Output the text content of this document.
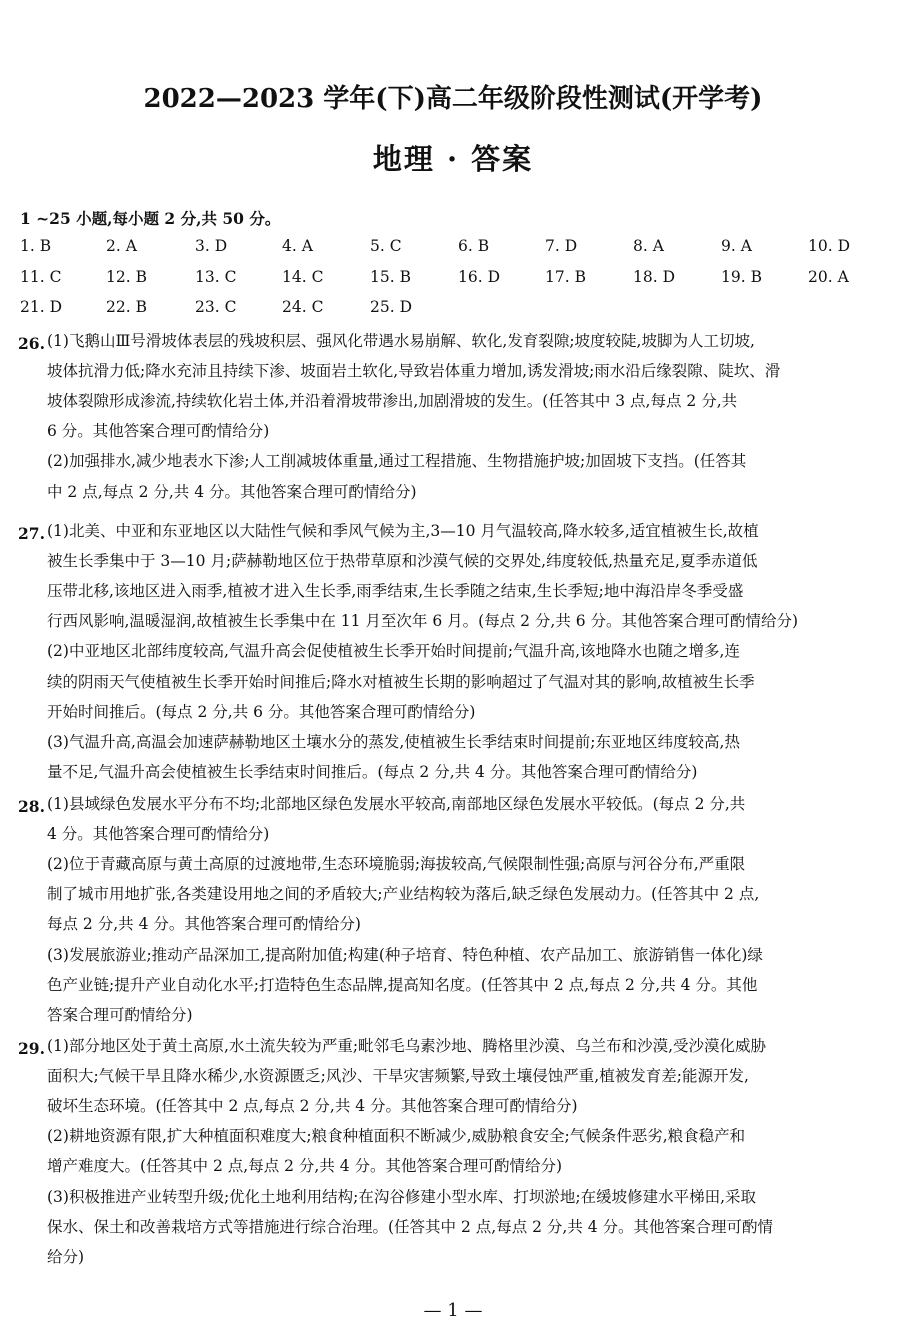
2022—2023 学年(下)高二年级阶段性测试(开学考)
地理 · 答案
1 ~25 小题,每小题 2 分,共 50 分。
1. B	2. A	3. D	4. A	5. C	6. B	7. D	8. A	9. A	10. D
11. C	12. B	13. C	14. C	15. B	16. D	17. B	18. D	19. B	20. A
21. D	22. B	23. C	24. C	25. D
26. (1)飞鹅山Ⅲ号滑坡体表层的残坡积层、强风化带遇水易崩解、软化,发育裂隙;坡度较陡,坡脚为人工切坡,
坡体抗滑力低;降水充沛且持续下渗、坡面岩土软化,导致岩体重力增加,诱发滑坡;雨水沿后缘裂隙、陡坎、滑
坡体裂隙形成渗流,持续软化岩土体,并沿着滑坡带渗出,加剧滑坡的发生。(任答其中 3 点,每点 2 分,共
6 分。其他答案合理可酌情给分)
(2)加强排水,减少地表水下渗;人工削减坡体重量,通过工程措施、生物措施护坡;加固坡下支挡。(任答其
中 2 点,每点 2 分,共 4 分。其他答案合理可酌情给分)
27. (1)北美、中亚和东亚地区以大陆性气候和季风气候为主,3—10 月气温较高,降水较多,适宜植被生长,故植
被生长季集中于 3—10 月;萨赫勒地区位于热带草原和沙漠气候的交界处,纬度较低,热量充足,夏季赤道低
压带北移,该地区进入雨季,植被才进入生长季,雨季结束,生长季随之结束,生长季短;地中海沿岸冬季受盛
行西风影响,温暖湿润,故植被生长季集中在 11 月至次年 6 月。(每点 2 分,共 6 分。其他答案合理可酌情给分)
(2)中亚地区北部纬度较高,气温升高会促使植被生长季开始时间提前;气温升高,该地降水也随之增多,连
续的阴雨天气使植被生长季开始时间推后;降水对植被生长期的影响超过了气温对其的影响,故植被生长季
开始时间推后。(每点 2 分,共 6 分。其他答案合理可酌情给分)
(3)气温升高,高温会加速萨赫勒地区土壤水分的蒸发,使植被生长季结束时间提前;东亚地区纬度较高,热
量不足,气温升高会使植被生长季结束时间推后。(每点 2 分,共 4 分。其他答案合理可酌情给分)
28. (1)县域绿色发展水平分布不均;北部地区绿色发展水平较高,南部地区绿色发展水平较低。(每点 2 分,共
4 分。其他答案合理可酌情给分)
(2)位于青藏高原与黄土高原的过渡地带,生态环境脆弱;海拔较高,气候限制性强;高原与河谷分布,严重限
制了城市用地扩张,各类建设用地之间的矛盾较大;产业结构较为落后,缺乏绿色发展动力。(任答其中 2 点,
每点 2 分,共 4 分。其他答案合理可酌情给分)
(3)发展旅游业;推动产品深加工,提高附加值;构建(种子培育、特色种植、农产品加工、旅游销售一体化)绿
色产业链;提升产业自动化水平;打造特色生态品牌,提高知名度。(任答其中 2 点,每点 2 分,共 4 分。其他
答案合理可酌情给分)
29. (1)部分地区处于黄土高原,水土流失较为严重;毗邻毛乌素沙地、腾格里沙漠、乌兰布和沙漠,受沙漠化威胁
面积大;气候干旱且降水稀少,水资源匮乏;风沙、干旱灾害频繁,导致土壤侵蚀严重,植被发育差;能源开发,
破坏生态环境。(任答其中 2 点,每点 2 分,共 4 分。其他答案合理可酌情给分)
(2)耕地资源有限,扩大种植面积难度大;粮食种植面积不断减少,威胁粮食安全;气候条件恶劣,粮食稳产和
增产难度大。(任答其中 2 点,每点 2 分,共 4 分。其他答案合理可酌情给分)
(3)积极推进产业转型升级;优化土地利用结构;在沟谷修建小型水库、打坝淤地;在缓坡修建水平梯田,采取
保水、保土和改善栽培方式等措施进行综合治理。(任答其中 2 点,每点 2 分,共 4 分。其他答案合理可酌情
给分)
— 1 —
